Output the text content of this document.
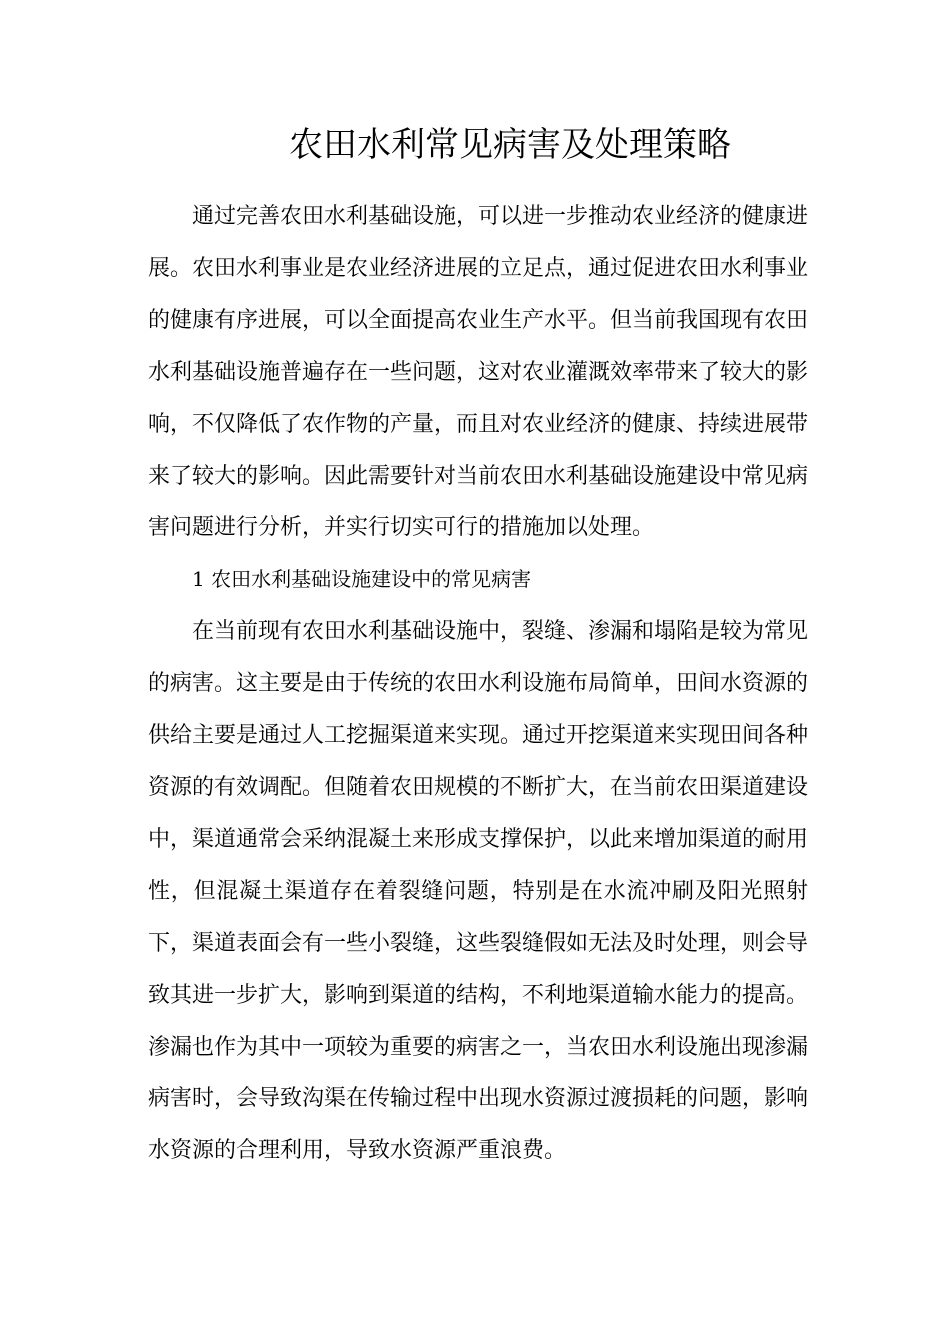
农田水利常见病害及处理策略

通过完善农田水利基础设施，可以进一步推动农业经济的健康进展。农田水利事业是农业经济进展的立足点，通过促进农田水利事业的健康有序进展，可以全面提高农业生产水平。但当前我国现有农田水利基础设施普遍存在一些问题，这对农业灌溉效率带来了较大的影响，不仅降低了农作物的产量，而且对农业经济的健康、持续进展带来了较大的影响。因此需要针对当前农田水利基础设施建设中常见病害问题进行分析，并实行切实可行的措施加以处理。

1 农田水利基础设施建设中的常见病害

在当前现有农田水利基础设施中，裂缝、渗漏和塌陷是较为常见的病害。这主要是由于传统的农田水利设施布局简单，田间水资源的供给主要是通过人工挖掘渠道来实现。通过开挖渠道来实现田间各种资源的有效调配。但随着农田规模的不断扩大，在当前农田渠道建设中，渠道通常会采纳混凝土来形成支撑保护，以此来增加渠道的耐用性，但混凝土渠道存在着裂缝问题，特别是在水流冲刷及阳光照射下，渠道表面会有一些小裂缝，这些裂缝假如无法及时处理，则会导致其进一步扩大，影响到渠道的结构，不利地渠道输水能力的提高。渗漏也作为其中一项较为重要的病害之一，当农田水利设施出现渗漏病害时，会导致沟渠在传输过程中出现水资源过渡损耗的问题，影响水资源的合理利用，导致水资源严重浪费。
